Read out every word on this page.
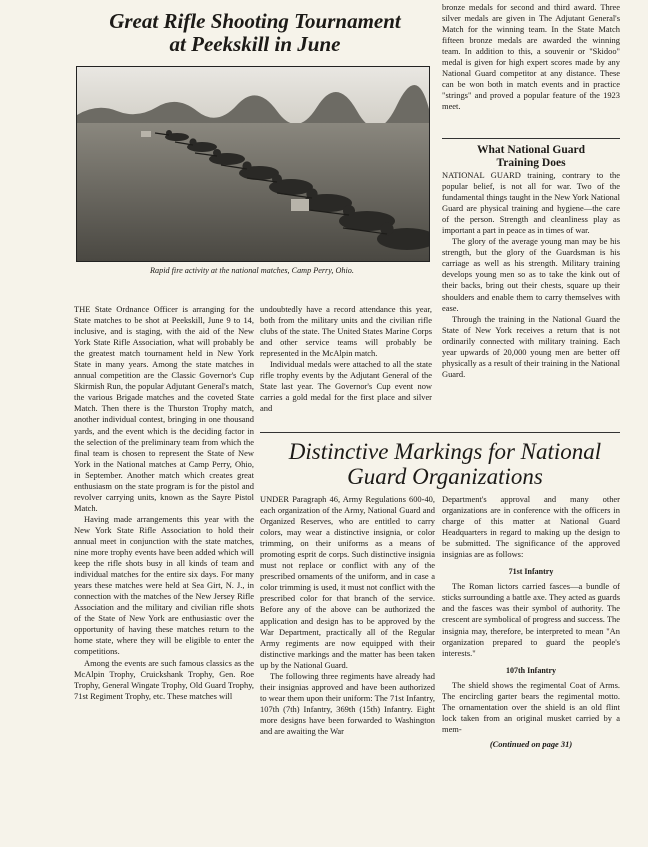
Great Rifle Shooting Tournament
at Peekskill in June

Rapid fire activity at the national matches, Camp Perry, Ohio.

THE State Ordnance Officer is arranging for the State matches to be shot at Peekskill, June 9 to 14, inclusive, and is staging, with the aid of the New York State Rifle Association, what will probably be the greatest match tournament held in New York State in many years. Among the state matches in annual competition are the Classic Governor's Cup Skirmish Run, the popular Adjutant General's match, the various Brigade matches and the coveted State Match. Then there is the Thurston Trophy match, another individual contest, bringing in one thousand yards, and the event which is the deciding factor in the selection of the preliminary team from which the final team is chosen to represent the State of New York in the National matches at Camp Perry, Ohio, in September. Another match which creates great enthusiasm on the state program is for the pistol and revolver carrying units, known as the Sayre Pistol Match.

Having made arrangements this year with the New York State Rifle Association to hold their annual meet in conjunction with the state matches, nine more trophy events have been added which will keep the rifle shots busy in all kinds of team and individual matches for the entire six days. For many years these matches were held at Sea Girt, N. J., in connection with the matches of the New Jersey Rifle Association and the military and civilian rifle shots of the State of New York are enthusiastic over the opportunity of having these matches return to the home state, where they will be eligible to enter the competitions.

Among the events are such famous classics as the McAlpin Trophy, Cruickshank Trophy, Gen. Roe Trophy, General Wingate Trophy, Old Guard Trophy, 71st Regiment Trophy, etc. These matches will

undoubtedly have a record attendance this year, both from the military units and the civilian rifle clubs of the state. The United States Marine Corps and other service teams will probably be represented in the McAlpin match.

Individual medals were attached to all the state rifle trophy events by the Adjutant General of the State last year. The Governor's Cup event now carries a gold medal for the first place and silver and

bronze medals for second and third award. Three silver medals are given in The Adjutant General's Match for the winning team. In the State Match fifteen bronze medals are awarded the winning team. In addition to this, a souvenir or "Skidoo" medal is given for high expert scores made by any National Guard competitor at any distance. These can be won both in match events and in practice "strings" and proved a popular feature of the 1923 meet.

What National Guard
Training Does

NATIONAL GUARD training, contrary to the popular belief, is not all for war. Two of the fundamental things taught in the New York National Guard are physical training and hygiene—the care of the person. Strength and cleanliness play as important a part in peace as in times of war.

The glory of the average young man may be his strength, but the glory of the Guardsman is his carriage as well as his strength. Military training develops young men so as to take the kink out of their backs, bring out their chests, square up their shoulders and enable them to carry themselves with ease.

Through the training in the National Guard the State of New York receives a return that is not ordinarily connected with military training. Each year upwards of 20,000 young men are better off physically as a result of their training in the National Guard.

Distinctive Markings for National
Guard Organizations

UNDER Paragraph 46, Army Regulations 600-40, each organization of the Army, National Guard and Organized Reserves, who are entitled to carry colors, may wear a distinctive insignia, or color trimming, on their uniforms as a means of promoting esprit de corps. Such distinctive insignia must not replace or conflict with any of the prescribed ornaments of the uniform, and in case a color trimming is used, it must not conflict with the prescribed color for that branch of the service. Before any of the above can be authorized the application and design has to be approved by the War Department, practically all of the Regular Army regiments are now equipped with their distinctive markings and the matter has been taken up by the National Guard.

The following three regiments have already had their insignias approved and have been authorized to wear them upon their uniform: The 71st Infantry, 107th (7th) Infantry, 369th (15th) Infantry. Eight more designs have been forwarded to Washington and are awaiting the War

Department's approval and many other organizations are in conference with the officers in charge of this matter at National Guard Headquarters in regard to making up the design to be submitted. The significance of the approved insignias are as follows:

71st Infantry

The Roman lictors carried fasces—a bundle of sticks surrounding a battle axe. They acted as guards and the fasces was their symbol of authority. The crescent are symbolical of progress and success. The insignia may, therefore, be interpreted to mean "An organization prepared to guard the people's interests."

107th Infantry

The shield shows the regimental Coat of Arms. The encircling garter bears the regimental motto. The ornamentation over the shield is an old flint lock taken from an original musket carried by a mem-

(Continued on page 31)
